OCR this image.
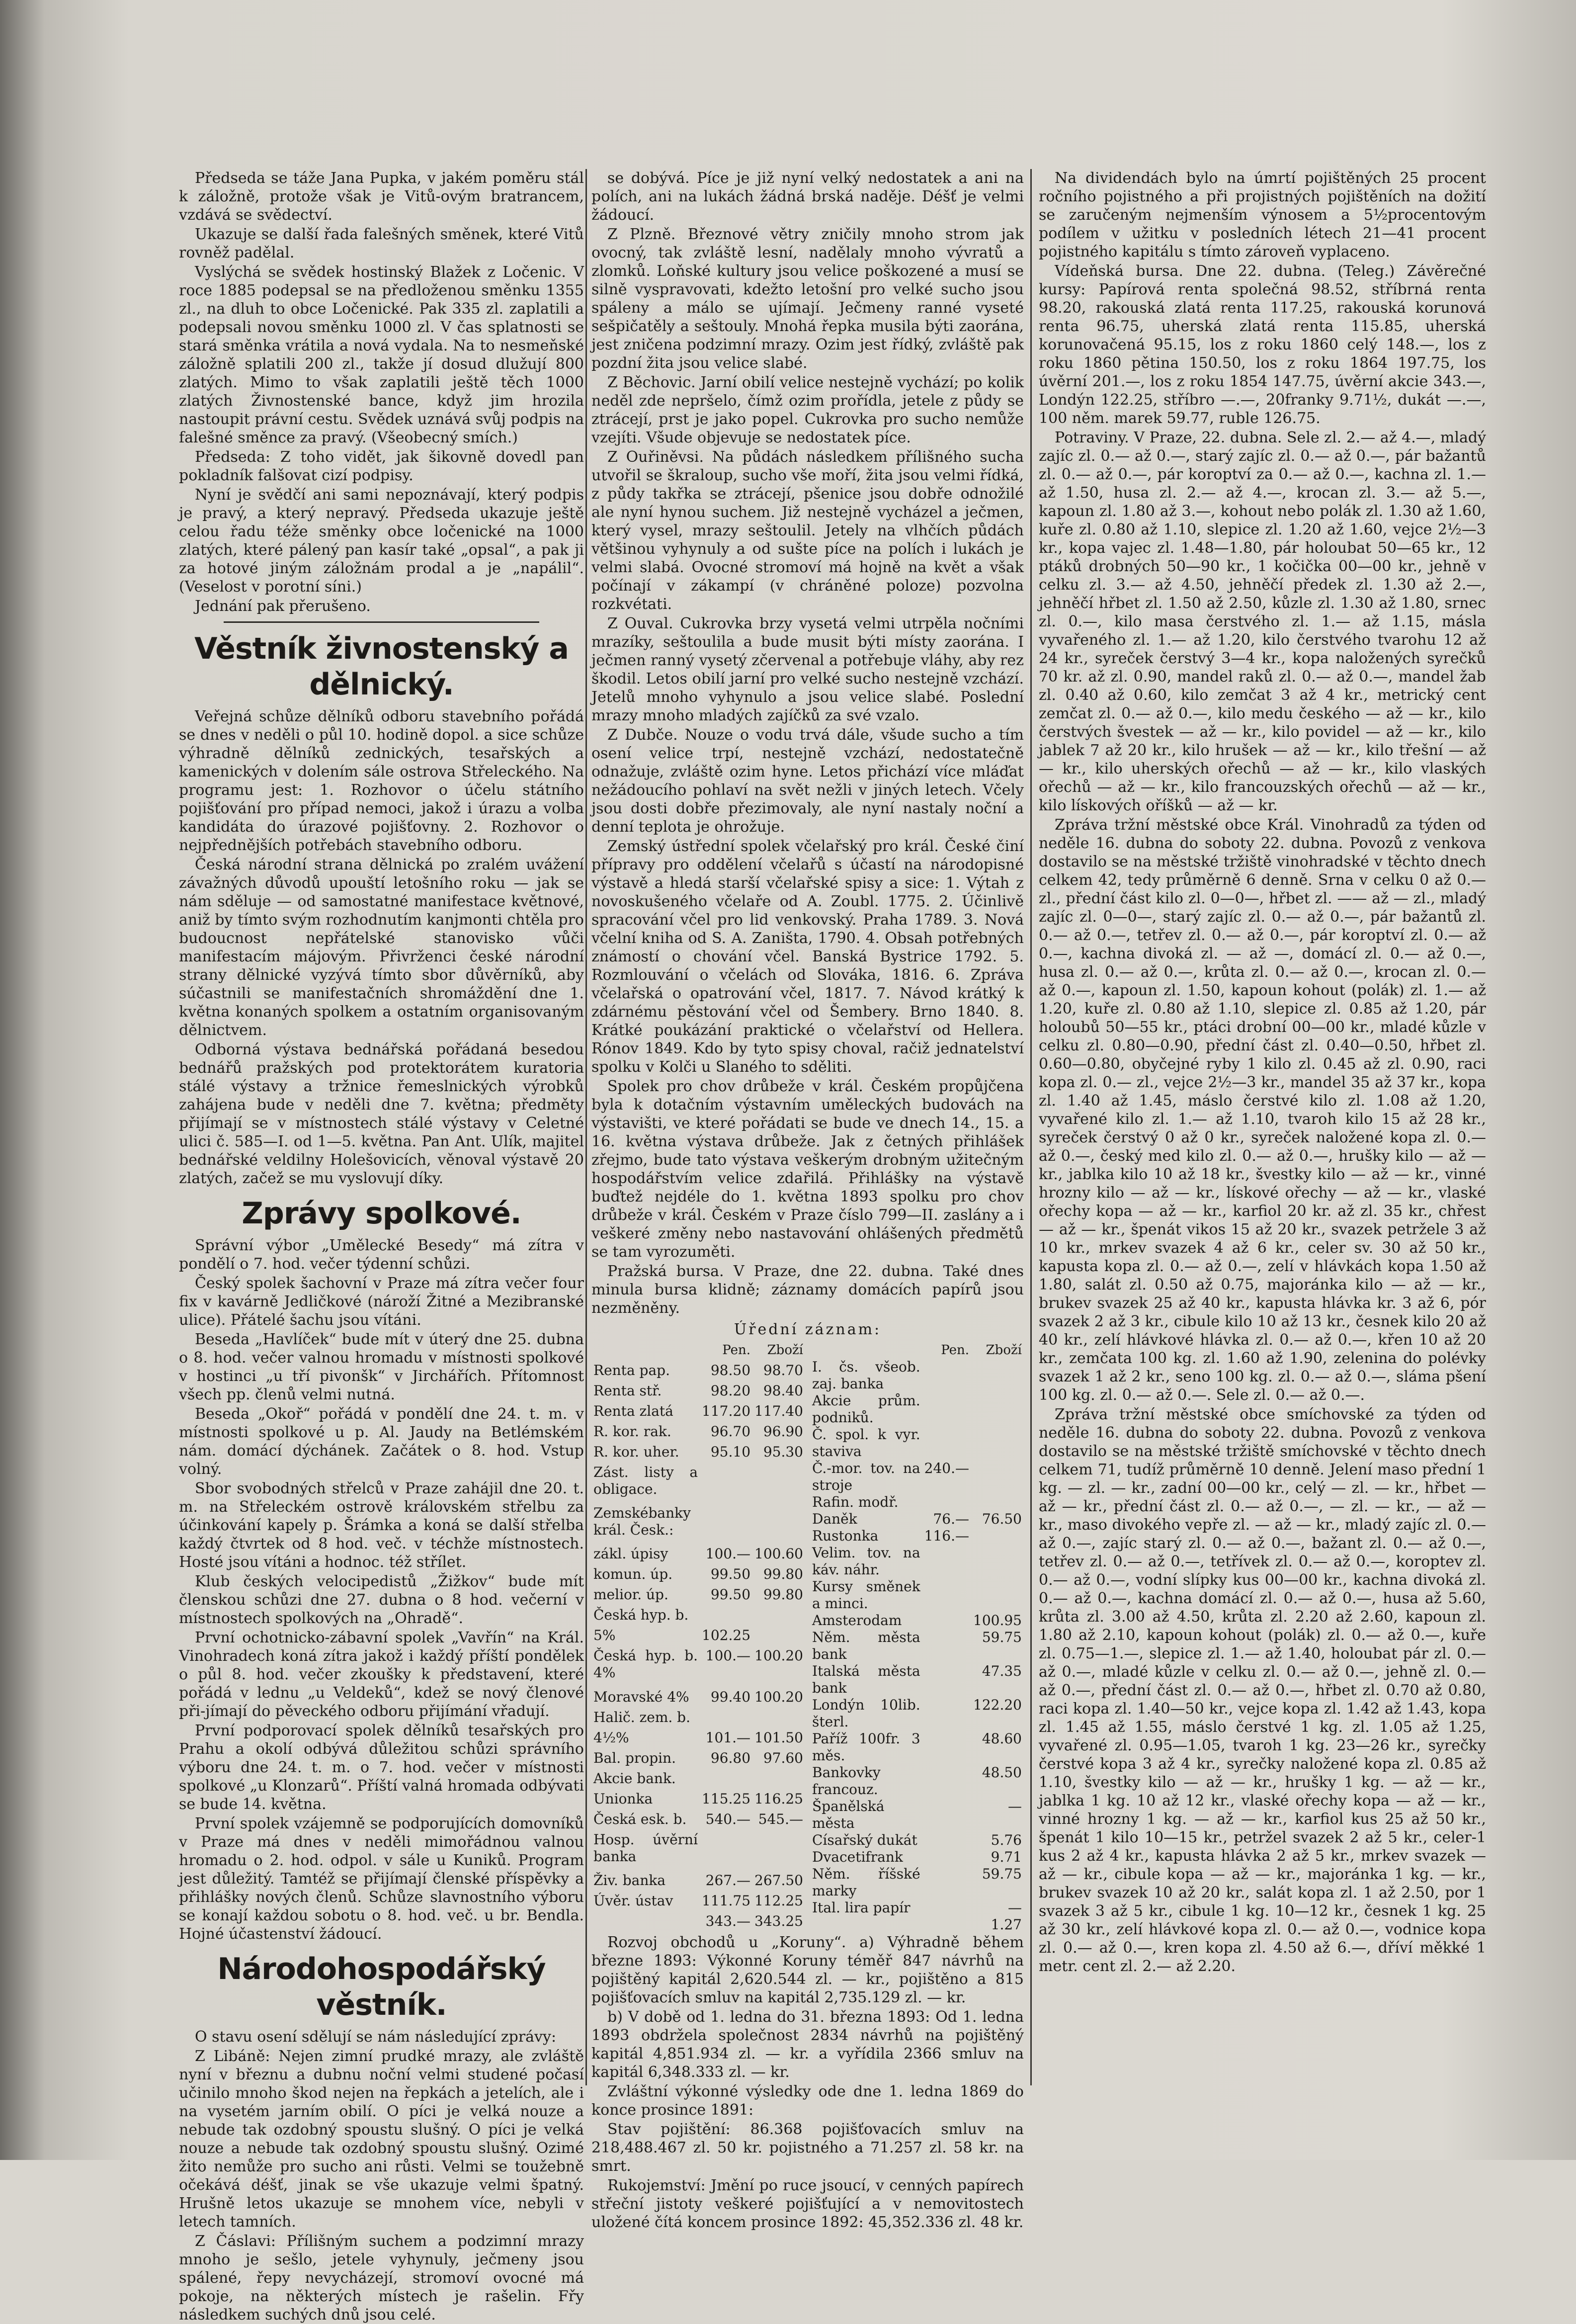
Předseda se táže Jana Pupka, v jakém poměru stál k záložně, protože však je Vitů-ovým bratrancem, vzdává se svědectví.

Ukazuje se další řada falešných směnek, které Vitů rovněž padělal.

Vyslýchá se svědek hostinský Blažek z Ločenic. V roce 1885 podepsal se na předloženou směnku 1355 zl., na dluh to obce Ločenické. Pak 335 zl. zaplatili a podepsali novou směnku 1000 zl. V čas splatnosti se stará směnka vrátila a nová vydala. Na to nesmeňské záložně splatili 200 zl., takže jí dosud dlužují 800 zlatých. Mimo to však zaplatili ještě těch 1000 zlatých Živnostenské bance, když jim hrozila nastoupit právní cestu. Svědek uznává svůj podpis na falešné směnce za pravý. (Všeobecný smích.)

Předseda: Z toho vidět, jak šikovně dovedl pan pokladník falšovat cizí podpisy.

Nyní je svědčí ani sami nepoznávají, který podpis je pravý, a který nepravý. Předseda ukazuje ještě celou řadu téže směnky obce ločenické na 1000 zlatých, které pálený pan kasír také „opsal“, a pak ji za hotové jiným záložnám prodal a je „napálil“. (Veselost v porotní síni.)

Jednání pak přerušeno.

Věstník živnostenský a dělnický.

Veřejná schůze dělníků odboru stavebního pořádá se dnes v neděli o půl 10. hodině dopol. a sice schůze výhradně dělníků zednických, tesařských a kamenických v dolením sále ostrova Střeleckého. Na programu jest: 1. Rozhovor o účelu státního pojišťování pro případ nemoci, jakož i úrazu a volba kandidáta do úrazové pojišťovny. 2. Rozhovor o nejpřednějších potřebách stavebního odboru.

Česká národní strana dělnická po zralém uvážení závažných důvodů upouští letošního roku — jak se nám sděluje — od samostatné manifestace květnové, aniž by tímto svým rozhodnutím kanjmonti chtěla pro budoucnost nepřátelské stanovisko vůči manifestacím májovým. Přivrženci české národní strany dělnické vyzývá tímto sbor důvěrníků, aby súčastnili se manifestačních shromáždění dne 1. května konaných spolkem a ostatním organisovaným dělnictvem.

Odborná výstava bednářská pořádaná besedou bednářů pražských pod protektorátem kuratoria stálé výstavy a tržnice řemeslnických výrobků zahájena bude v neděli dne 7. května; předměty přijímají se v místnostech stálé výstavy v Celetné ulici č. 585—I. od 1—5. května. Pan Ant. Ulík, majitel bednářské veldilny Holešovicích, věnoval výstavě 20 zlatých, začež se mu vyslovují díky.

Zprávy spolkové.

Správní výbor „Umělecké Besedy“ má zítra v pondělí o 7. hod. večer týdenní schůzi.

Český spolek šachovní v Praze má zítra večer four fix v kavárně Jedličkové (nároží Žitné a Mezibranské ulice). Přátelé šachu jsou vítáni.

Beseda „Havlíček“ bude mít v úterý dne 25. dubna o 8. hod. večer valnou hromadu v místnosti spolkové v hostinci „u tří pivonšk“ v Jirchářích. Přítomnost všech pp. členů velmi nutná.

Beseda „Okoř“ pořádá v pondělí dne 24. t. m. v místnosti spolkové u p. Al. Jaudy na Betlémském nám. domácí dýchánek. Začátek o 8. hod. Vstup volný.

Sbor svobodných střelců v Praze zahájil dne 20. t. m. na Střeleckém ostrově královském střelbu za účinkování kapely p. Šrámka a koná se další střelba každý čtvrtek od 8 hod. več. v téchže místnostech. Hosté jsou vítáni a hodnoc. též střílet.

Klub českých velocipedistů „Žižkov“ bude mít členskou schůzi dne 27. dubna o 8 hod. večerní v místnostech spolkových na „Ohradě“.

První ochotnicko-zábavní spolek „Vavřín“ na Král. Vinohradech koná zítra jakož i každý příští pondělek o půl 8. hod. večer zkoušky k představení, které pořádá v lednu „u Veldeků“, kdež se nový členové při-jímají do pěveckého odboru přijímání vřadují.

První podporovací spolek dělníků tesařských pro Prahu a okolí odbývá důležitou schůzi správního výboru dne 24. t. m. o 7. hod. večer v místnosti spolkové „u Klonzarů“. Příští valná hromada odbývati se bude 14. května.

První spolek vzájemně se podporujících domovníků v Praze má dnes v neděli mimořádnou valnou hromadu o 2. hod. odpol. v sále u Kuniků. Program jest důležitý. Tamtéž se přijímají členské příspěvky a přihlášky nových členů. Schůze slavnostního výboru se konají každou sobotu o 8. hod. več. u br. Bendla. Hojné účastenství žádoucí.

Národohospodářský věstník.

O stavu osení sdělují se nám následující zprávy:

Z Libáně: Nejen zimní prudké mrazy, ale zvláště nyní v březnu a dubnu noční velmi studené počasí učinilo mnoho škod nejen na řepkách a jetelích, ale i na vysetém jarním obilí. O píci je velká nouze a nebude tak ozdobný spoustu slušný. O píci je velká nouze a nebude tak ozdobný spoustu slušný. Ozimé žito nemůže pro sucho ani růsti. Velmi se toužebně očekává déšť, jinak se vše ukazuje velmi špatný. Hrušně letos ukazuje se mnohem více, nebyli v letech tamních.

Z Čáslavi: Přílišným suchem a podzimní mrazy mnoho je sešlo, jetele vyhynuly, ječmeny jsou spálené, řepy nevycházejí, stromoví ovocné má pokoje, na některých místech je rašelin. Fřy následkem suchých dnů jsou celé.

se dobývá. Píce je již nyní velký nedostatek a ani na polích, ani na lukách žádná brská naděje. Déšť je velmi žádoucí.

Z Plzně. Březnové větry zničily mnoho strom jak ovocný, tak zvláště lesní, nadělaly mnoho vývratů a zlomků. Loňské kultury jsou velice poškozené a musí se silně vyspravovati, kdežto letošní pro velké sucho jsou spáleny a málo se ujímají. Ječmeny ranné vyseté sešpičatěly a seštouly. Mnohá řepka musila býti zaorána, jest zničena podzimní mrazy. Ozim jest řídký, zvláště pak pozdní žita jsou velice slabé.

Z Běchovic. Jarní obilí velice nestejně vychází; po kolik neděl zde nepršelo, čímž ozim prořídla, jetele z půdy se ztrácejí, prst je jako popel. Cukrovka pro sucho nemůže vzejíti. Všude objevuje se nedostatek píce.

Z Ouřiněvsi. Na půdách následkem přílišného sucha utvořil se škraloup, sucho vše moří, žita jsou velmi řídká, z půdy takřka se ztrácejí, pšenice jsou dobře odnožilé ale nyní hynou suchem. Již nestejně vycházel a ječmen, který vysel, mrazy seštoulil. Jetely na vlhčích půdách většinou vyhynuly a od sušte píce na polích i lukách je velmi slabá. Ovocné stromoví má hojně na květ a však počínají v zákampí (v chráněné poloze) pozvolna rozkvétati.

Z Ouval. Cukrovka brzy vysetá velmi utrpěla nočními mrazíky, seštoulila a bude musit býti místy zaorána. I ječmen ranný vysetý zčervenal a potřebuje vláhy, aby rez škodil. Letos obilí jarní pro velké sucho nestejně vzchází. Jetelů mnoho vyhynulo a jsou velice slabé. Poslední mrazy mnoho mladých zajíčků za své vzalo.

Z Dubče. Nouze o vodu trvá dále, všude sucho a tím osení velice trpí, nestejně vzchází, nedostatečně odnažuje, zvláště ozim hyne. Letos přichází více mláďat nežádoucího pohlaví na svět nežli v jiných letech. Včely jsou dosti dobře přezimovaly, ale nyní nastaly noční a denní teplota je ohrožuje.

Zemský ústřední spolek včelařský pro král. České činí přípravy pro oddělení včelařů s účastí na národopisné výstavě a hledá starší včelařské spisy a sice: 1. Výtah z novoskušeného včelaře od A. Zoubl. 1775. 2. Účinlivě spracování včel pro lid venkovský. Praha 1789. 3. Nová včelní kniha od S. A. Zaništa, 1790. 4. Obsah potřebných známostí o chování včel. Banská Bystrice 1792. 5. Rozmlouvání o včelách od Slováka, 1816. 6. Zpráva včelařská o opatrování včel, 1817. 7. Návod krátký k zdárnému pěstování včel od Šembery. Brno 1840. 8. Krátké poukázání praktické o včelařství od Hellera. Rónov 1849. Kdo by tyto spisy choval, račiž jednatelství spolku v Kolči u Slaného to sděliti.

Spolek pro chov drůbeže v král. Českém propůjčena byla k dotačním výstavním uměleckých budovách na výstavišti, ve které pořádati se bude ve dnech 14., 15. a 16. května výstava drůbeže. Jak z četných přihlášek zřejmo, bude tato výstava veškerým drobným užitečným hospodářstvím velice zdařilá. Přihlášky na výstavě buďtež nejdéle do 1. května 1893 spolku pro chov drůbeže v král. Českém v Praze číslo 799—II. zaslány a i veškeré změny nebo nastavování ohlášených předmětů se tam vyrozuměti.

Pražská bursa. V Praze, dne 22. dubna. Také dnes minula bursa klidně; záznamy domácích papírů jsou nezměněny.

Úřední záznam:
	Pen.	Zboží
Renta pap.	98.50	98.70
Renta stř.	98.20	98.40
Renta zlatá	117.20	117.40
R. kor. rak.	96.70	96.90
R. kor. uher.	95.10	95.30
Zást. listy a obligace.		
Zemskébanky král. Česk.:		
zákl. úpisy	100.—	100.60
komun. úp.	99.50	99.80
melior. úp.	99.50	99.80
Česká hyp. b.		
5%	102.25	
Česká hyp. b. 4%	100.—	100.20
Moravské 4%	99.40	100.20
Halič. zem. b.		
4½%	101.—	101.50
Bal. propin.	96.80	97.60
Akcie bank.		
Unionka	115.25	116.25
Česká esk. b.	540.—	545.—
Hosp. úvěrní banka		
Živ. banka	267.—	267.50
Úvěr. ústav	111.75	112.25
	343.—	343.25
	Pen.	Zboží
I. čs. všeob. zaj. banka		
Akcie prům. podniků.		
Č. spol. k vyr. staviva		
Č.-mor. tov. na stroje	240.—	
Rafin. modř.		
Daněk	76.—	76.50
Rustonka	116.—	
Velim. tov. na káv. náhr.		
Kursy směnek a minci.		
Amsterodam		100.95
Něm. města bank		59.75
Italská města bank		47.35
Londýn 10lib. šterl.		122.20
Paříž 100fr. 3 měs.		48.60
Bankovky francouz.		48.50
Španělská města		—
Císařský dukát		5.76
Dvacetifrank		9.71
Něm. říšské marky		59.75
Ital. lira papír		—
		1.27

Rozvoj obchodů u „Koruny“. a) Výhradně během březne 1893: Výkonné Koruny téměř 847 návrhů na pojištěný kapitál 2,620.544 zl. — kr., pojištěno a 815 pojišťovacích smluv na kapitál 2,735.129 zl. — kr.

b) V době od 1. ledna do 31. března 1893: Od 1. ledna 1893 obdržela společnost 2834 návrhů na pojištěný kapitál 4,851.934 zl. — kr. a vyřídila 2366 smluv na kapitál 6,348.333 zl. — kr.

Zvláštní výkonné výsledky ode dne 1. ledna 1869 do konce prosince 1891:

Stav pojištění: 86.368 pojišťovacích smluv na 218,488.467 zl. 50 kr. pojistného a 71.257 zl. 58 kr. na smrt.

Rukojemství: Jmění po ruce jsoucí, v cenných papírech střeční jistoty veškeré pojišťující a v nemovitostech uložené čítá koncem prosince 1892: 45,352.336 zl. 48 kr.

Na dividendách bylo na úmrtí pojištěných 25 procent ročního pojistného a při projistných pojištěních na dožití se zaručeným nejmenším výnosem a 5½procentovým podílem v užitku v posledních létech 21—41 procent pojistného kapitálu s tímto zároveň vyplaceno.

Vídeňská bursa. Dne 22. dubna. (Teleg.) Závěrečné kursy: Papírová renta společná 98.52, stříbrná renta 98.20, rakouská zlatá renta 117.25, rakouská korunová renta 96.75, uherská zlatá renta 115.85, uherská korunovačená 95.15, los z roku 1860 celý 148.—, los z roku 1860 pětina 150.50, los z roku 1864 197.75, los úvěrní 201.—, los z roku 1854 147.75, úvěrní akcie 343.—, Londýn 122.25, stříbro —.—, 20franky 9.71½, dukát —.—, 100 něm. marek 59.77, ruble 126.75.

Potraviny. V Praze, 22. dubna. Sele zl. 2.— až 4.—, mladý zajíc zl. 0.— až 0.—, starý zajíc zl. 0.— až 0.—, pár bažantů zl. 0.— až 0.—, pár koroptví za 0.— až 0.—, kachna zl. 1.— až 1.50, husa zl. 2.— až 4.—, krocan zl. 3.— až 5.—, kapoun zl. 1.80 až 3.—, kohout nebo polák zl. 1.30 až 1.60, kuře zl. 0.80 až 1.10, slepice zl. 1.20 až 1.60, vejce 2½—3 kr., kopa vajec zl. 1.48—1.80, pár holoubat 50—65 kr., 12 ptáků drobných 50—90 kr., 1 kočička 00—00 kr., jehně v celku zl. 3.— až 4.50, jehněčí předek zl. 1.30 až 2.—, jehněčí hřbet zl. 1.50 až 2.50, kůzle zl. 1.30 až 1.80, srnec zl. 0.—, kilo masa čerstvého zl. 1.— až 1.15, másla vyvařeného zl. 1.— až 1.20, kilo čerstvého tvarohu 12 až 24 kr., syreček čerstvý 3—4 kr., kopa naložených syrečků 70 kr. až zl. 0.90, mandel raků zl. 0.— až 0.—, mandel žab zl. 0.40 až 0.60, kilo zemčat 3 až 4 kr., metrický cent zemčat zl. 0.— až 0.—, kilo medu českého — až — kr., kilo čerstvých švestek — až — kr., kilo povidel — až — kr., kilo jablek 7 až 20 kr., kilo hrušek — až — kr., kilo třešní — až — kr., kilo uherských ořechů — až — kr., kilo vlaských ořechů — až — kr., kilo francouzských ořechů — až — kr., kilo lískových oříšků — až — kr.

Zpráva tržní městské obce Král. Vinohradů za týden od neděle 16. dubna do soboty 22. dubna. Povozů z venkova dostavilo se na městské tržiště vinohradské v těchto dnech celkem 42, tedy průměrně 6 denně. Srna v celku 0 až 0.— zl., přední část kilo zl. 0—0—, hřbet zl. —— až — zl., mladý zajíc zl. 0—0—, starý zajíc zl. 0.— až 0.—, pár bažantů zl. 0.— až 0.—, tetřev zl. 0.— až 0.—, pár koroptví zl. 0.— až 0.—, kachna divoká zl. — až —, domácí zl. 0.— až 0.—, husa zl. 0.— až 0.—, krůta zl. 0.— až 0.—, krocan zl. 0.— až 0.—, kapoun zl. 1.50, kapoun kohout (polák) zl. 1.— až 1.20, kuře zl. 0.80 až 1.10, slepice zl. 0.85 až 1.20, pár holoubů 50—55 kr., ptáci drobní 00—00 kr., mladé kůzle v celku zl. 0.80—0.90, přední část zl. 0.40—0.50, hřbet zl. 0.60—0.80, obyčejné ryby 1 kilo zl. 0.45 až zl. 0.90, raci kopa zl. 0.— zl., vejce 2½—3 kr., mandel 35 až 37 kr., kopa zl. 1.40 až 1.45, máslo čerstvé kilo zl. 1.08 až 1.20, vyvařené kilo zl. 1.— až 1.10, tvaroh kilo 15 až 28 kr., syreček čerstvý 0 až 0 kr., syreček naložené kopa zl. 0.— až 0.—, český med kilo zl. 0.— až 0.—, hrušky kilo — až — kr., jablka kilo 10 až 18 kr., švestky kilo — až — kr., vinné hrozny kilo — až — kr., lískové ořechy — až — kr., vlaské ořechy kopa — až — kr., karfiol 20 kr. až zl. 35 kr., chřest — až — kr., špenát vikos 15 až 20 kr., svazek petržele 3 až 10 kr., mrkev svazek 4 až 6 kr., celer sv. 30 až 50 kr., kapusta kopa zl. 0.— až 0.—, zelí v hlávkách kopa 1.50 až 1.80, salát zl. 0.50 až 0.75, majoránka kilo — až — kr., brukev svazek 25 až 40 kr., kapusta hlávka kr. 3 až 6, pór svazek 2 až 3 kr., cibule kilo 10 až 13 kr., česnek kilo 20 až 40 kr., zelí hlávkové hlávka zl. 0.— až 0.—, křen 10 až 20 kr., zemčata 100 kg. zl. 1.60 až 1.90, zelenina do polévky svazek 1 až 2 kr., seno 100 kg. zl. 0.— až 0.—, sláma pšení 100 kg. zl. 0.— až 0.—. Sele zl. 0.— až 0.—.

Zpráva tržní městské obce smíchovské za týden od neděle 16. dubna do soboty 22. dubna. Povozů z venkova dostavilo se na městské tržiště smíchovské v těchto dnech celkem 71, tudíž průměrně 10 denně. Jelení maso přední 1 kg. — zl. — kr., zadní 00—00 kr., celý — zl. — kr., hřbet — až — kr., přední část zl. 0.— až 0.—, — zl. — kr., — až — kr., maso divokého vepře zl. — až — kr., mladý zajíc zl. 0.— až 0.—, zajíc starý zl. 0.— až 0.—, bažant zl. 0.— až 0.—, tetřev zl. 0.— až 0.—, tetřívek zl. 0.— až 0.—, koroptev zl. 0.— až 0.—, vodní slípky kus 00—00 kr., kachna divoká zl. 0.— až 0.—, kachna domácí zl. 0.— až 0.—, husa až 5.60, krůta zl. 3.00 až 4.50, krůta zl. 2.20 až 2.60, kapoun zl. 1.80 až 2.10, kapoun kohout (polák) zl. 0.— až 0.—, kuře zl. 0.75—1.—, slepice zl. 1.— až 1.40, holoubat pár zl. 0.— až 0.—, mladé kůzle v celku zl. 0.— až 0.—, jehně zl. 0.— až 0.—, přední část zl. 0.— až 0.—, hřbet zl. 0.70 až 0.80, raci kopa zl. 1.40—50 kr., vejce kopa zl. 1.42 až 1.43, kopa zl. 1.45 až 1.55, máslo čerstvé 1 kg. zl. 1.05 až 1.25, vyvařené zl. 0.95—1.05, tvaroh 1 kg. 23—26 kr., syrečky čerstvé kopa 3 až 4 kr., syrečky naložené kopa zl. 0.85 až 1.10, švestky kilo — až — kr., hrušky 1 kg. — až — kr., jablka 1 kg. 10 až 12 kr., vlaské ořechy kopa — až — kr., vinné hrozny 1 kg. — až — kr., karfiol kus 25 až 50 kr., špenát 1 kilo 10—15 kr., petržel svazek 2 až 5 kr., celer-1 kus 2 až 4 kr., kapusta hlávka 2 až 5 kr., mrkev svazek — až — kr., cibule kopa — až — kr., majoránka 1 kg. — kr., brukev svazek 10 až 20 kr., salát kopa zl. 1 až 2.50, por 1 svazek 3 až 5 kr., cibule 1 kg. 10—12 kr., česnek 1 kg. 25 až 30 kr., zelí hlávkové kopa zl. 0.— až 0.—, vodnice kopa zl. 0.— až 0.—, kren kopa zl. 4.50 až 6.—, dříví měkké 1 metr. cent zl. 2.— až 2.20.
